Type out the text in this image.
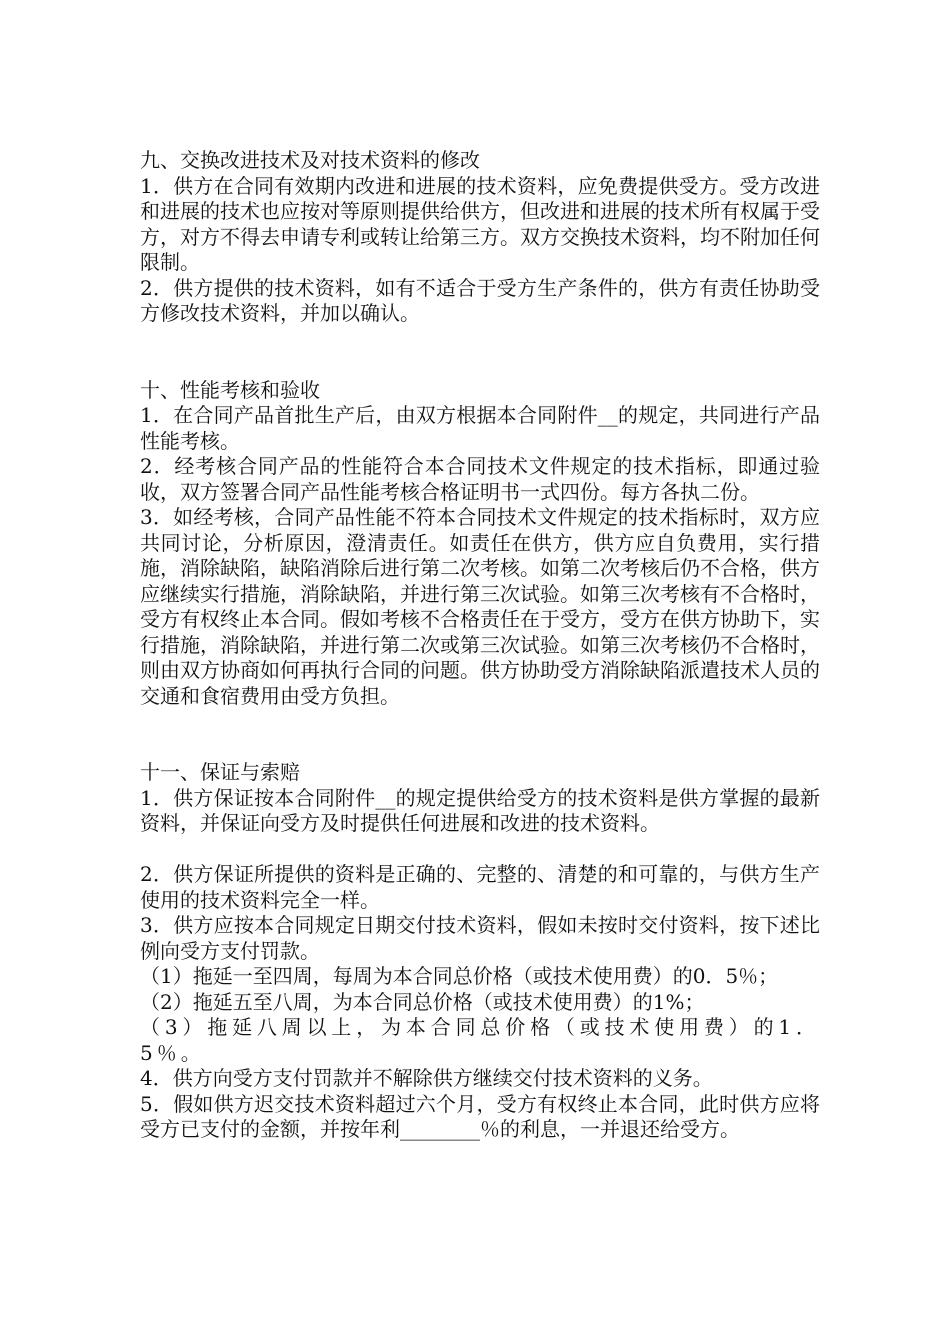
九、交换改进技术及对技术资料的修改

1．供方在合同有效期内改进和进展的技术资料，应免费提供受方。受方改进和进展的技术也应按对等原则提供给供方，但改进和进展的技术所有权属于受方，对方不得去申请专利或转让给第三方。双方交换技术资料，均不附加任何限制。

2．供方提供的技术资料，如有不适合于受方生产条件的，供方有责任协助受方修改技术资料，并加以确认。

十、性能考核和验收

1．在合同产品首批生产后，由双方根据本合同附件__的规定，共同进行产品性能考核。

2．经考核合同产品的性能符合本合同技术文件规定的技术指标，即通过验收，双方签署合同产品性能考核合格证明书一式四份。每方各执二份。

3．如经考核，合同产品性能不符本合同技术文件规定的技术指标时，双方应共同讨论，分析原因，澄清责任。如责任在供方，供方应自负费用，实行措施，消除缺陷，缺陷消除后进行第二次考核。如第二次考核后仍不合格，供方应继续实行措施，消除缺陷，并进行第三次试验。如第三次考核有不合格时，受方有权终止本合同。假如考核不合格责任在于受方，受方在供方协助下，实行措施，消除缺陷，并进行第二次或第三次试验。如第三次考核仍不合格时，则由双方协商如何再执行合同的问题。供方协助受方消除缺陷派遣技术人员的交通和食宿费用由受方负担。

十一、保证与索赔

1．供方保证按本合同附件__的规定提供给受方的技术资料是供方掌握的最新资料，并保证向受方及时提供任何进展和改进的技术资料。

2．供方保证所提供的资料是正确的、完整的、清楚的和可靠的，与供方生产使用的技术资料完全一样。

3．供方应按本合同规定日期交付技术资料，假如未按时交付资料，按下述比例向受方支付罚款。

（1）拖延一至四周，每周为本合同总价格（或技术使用费）的0．5％；

（2）拖延五至八周，为本合同总价格（或技术使用费）的1%；

（3）拖延八周以上，为本合同总价格（或技术使用费）的1．5％。

4．供方向受方支付罚款并不解除供方继续交付技术资料的义务。

5．假如供方迟交技术资料超过六个月，受方有权终止本合同，此时供方应将受方已支付的金额，并按年利________％的利息，一并退还给受方。
